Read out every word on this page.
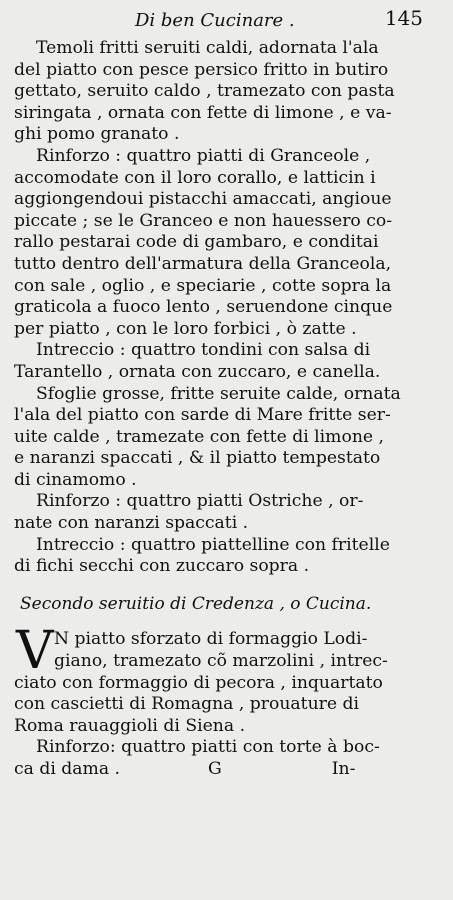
Di ben Cucinare .	145
Temoli fritti seruiti caldi, adornata l'ala
del piatto con pesce persico fritto in butiro
gettato, seruito caldo , tramezato con pasta
siringata , ornata con fette di limone , e va-
ghi pomo granato .
Rinforzo : quattro piatti di Granceole ,
accomodate con il loro corallo, e latticin i
aggiongendoui pistacchi amaccati, angioue
piccate ; se le Granceo e non hauessero co-
rallo pestarai code di gambaro, e conditai
tutto dentro dell'armatura della Granceola,
con sale , oglio , e speciarie , cotte sopra la
graticola a fuoco lento , seruendone cinque
per piatto , con le loro forbici , ò zatte .
Intreccio : quattro tondini con salsa di
Tarantello , ornata con zuccaro, e canella.
Sfoglie grosse, fritte seruite calde, ornata
l'ala del piatto con sarde di Mare fritte ser-
uite calde , tramezate con fette di limone ,
e naranzi spaccati , & il piatto tempestato
di cinamomo .
Rinforzo : quattro piatti Ostriche , or-
nate con naranzi spaccati .
Intreccio : quattro piattelline con fritelle
di fichi secchi con zuccaro sopra .
Secondo seruitio di Credenza , o Cucina.
V N piatto sforzato di formaggio Lodi-
giano, tramezato cõ marzolini , intrec-
ciato con formaggio di pecora , inquartato
con cascietti di Romagna , prouature di
Roma rauaggioli di Siena .
Rinforzo: quattro piatti con torte à boc-
ca di dama .	G	In-
